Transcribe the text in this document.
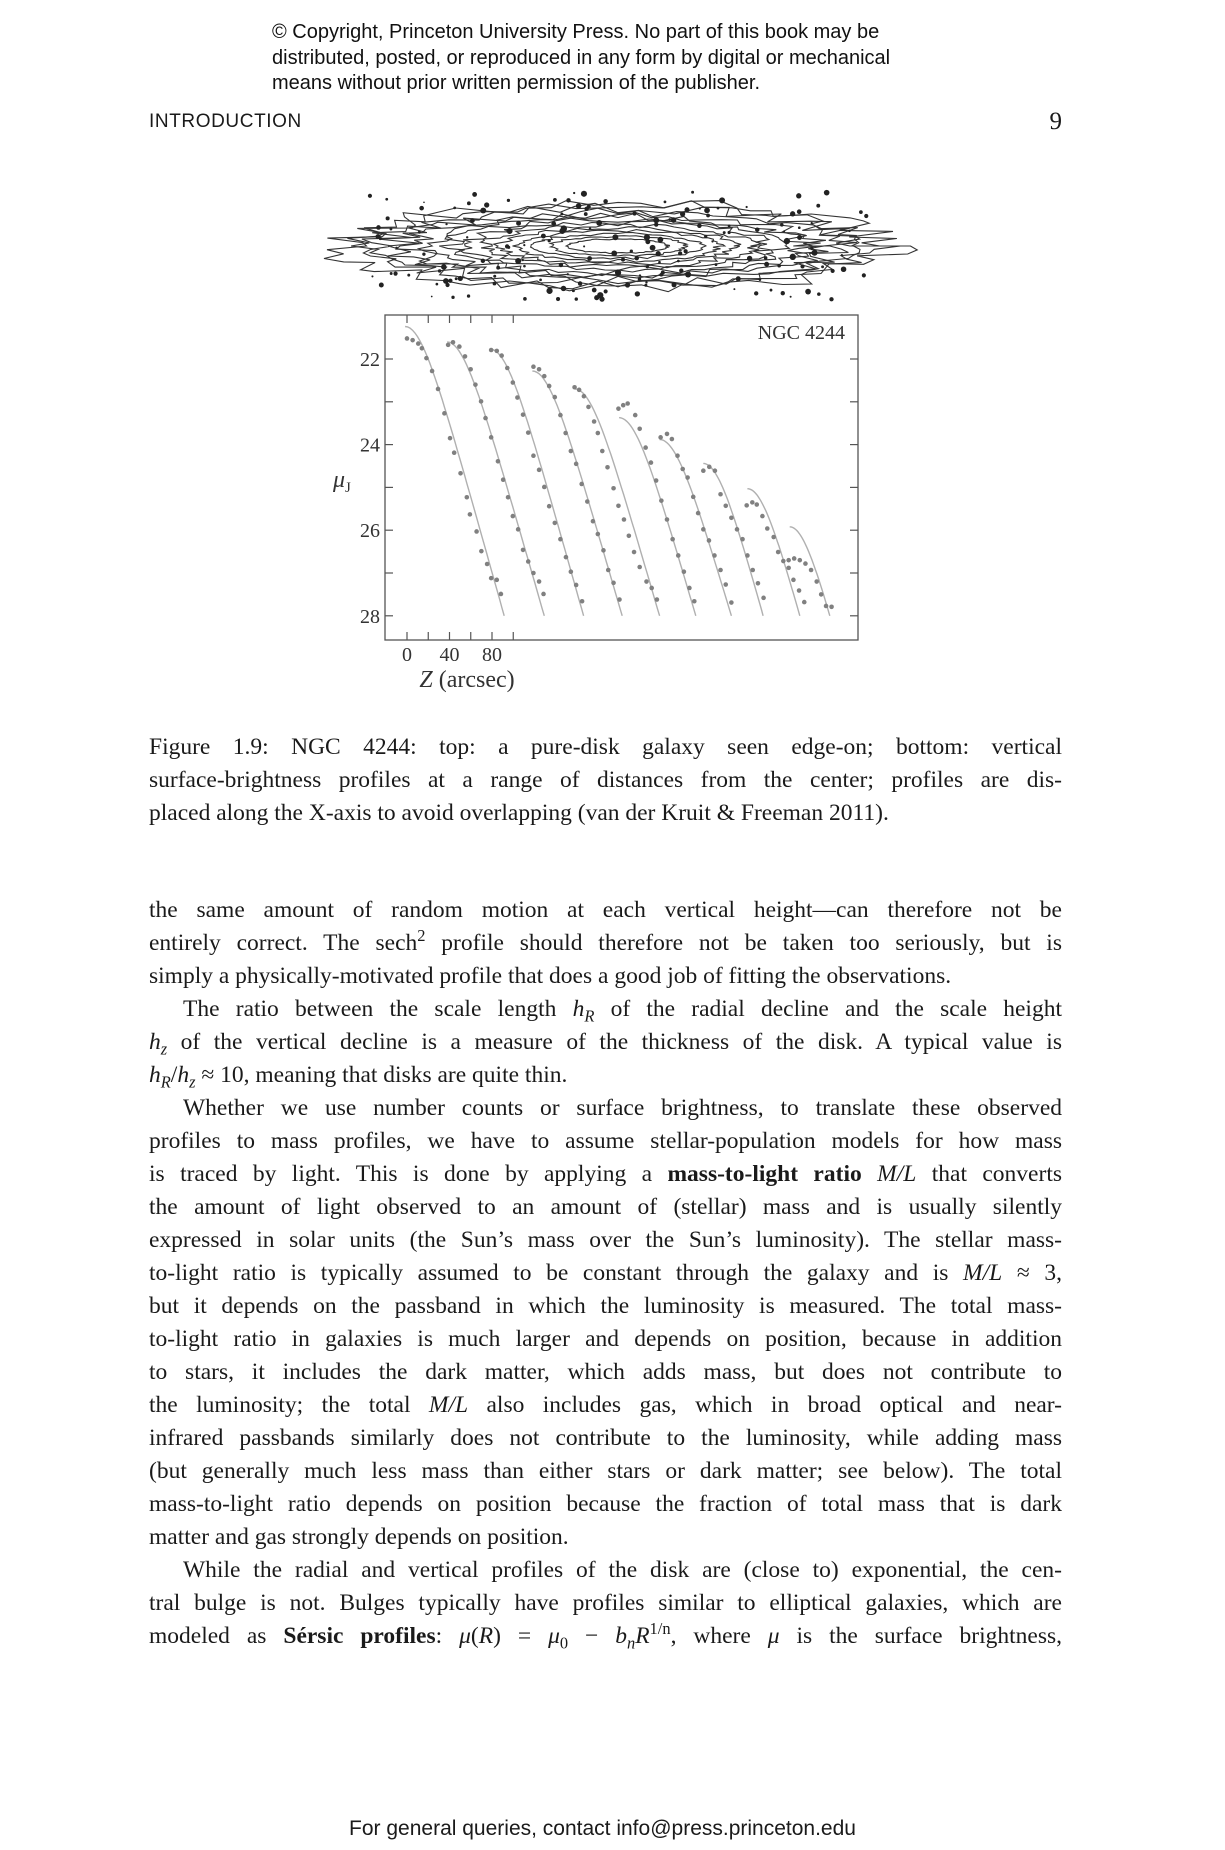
© Copyright, Princeton University Press. No part of this book may be
distributed, posted, or reproduced in any form by digital or mechanical
means without prior written permission of the publisher.
INTRODUCTION	9
22
24
26
28
0 40 80
NGC 4244
$\mu_J$
Z (arcsec)
Figure 1.9: NGC 4244: top: a pure-disk galaxy seen edge-on; bottom: vertical
surface-brightness profiles at a range of distances from the center; profiles are dis-
placed along the X-axis to avoid overlapping (van der Kruit & Freeman 2011).
the same amount of random motion at each vertical height—can therefore not be
entirely correct. The sech$^2$ profile should therefore not be taken too seriously, but is
simply a physically-motivated profile that does a good job of fitting the observations.
The ratio between the scale length $h_R$ of the radial decline and the scale height
$h_z$ of the vertical decline is a measure of the thickness of the disk. A typical value is
$h_R/h_z \approx 10$, meaning that disks are quite thin.
Whether we use number counts or surface brightness, to translate these observed
profiles to mass profiles, we have to assume stellar-population models for how mass
is traced by light. This is done by applying a mass-to-light ratio M/L that converts
the amount of light observed to an amount of (stellar) mass and is usually silently
expressed in solar units (the Sun’s mass over the Sun’s luminosity). The stellar mass-
to-light ratio is typically assumed to be constant through the galaxy and is M/L ≈ 3,
but it depends on the passband in which the luminosity is measured. The total mass-
to-light ratio in galaxies is much larger and depends on position, because in addition
to stars, it includes the dark matter, which adds mass, but does not contribute to
the luminosity; the total M/L also includes gas, which in broad optical and near-
infrared passbands similarly does not contribute to the luminosity, while adding mass
(but generally much less mass than either stars or dark matter; see below). The total
mass-to-light ratio depends on position because the fraction of total mass that is dark
matter and gas strongly depends on position.
While the radial and vertical profiles of the disk are (close to) exponential, the cen-
tral bulge is not. Bulges typically have profiles similar to elliptical galaxies, which are
modeled as Sérsic profiles: $\mu(R) = \mu_0 - b_nR^{1/n}$, where μ is the surface brightness,
For general queries, contact info@press.princeton.edu
